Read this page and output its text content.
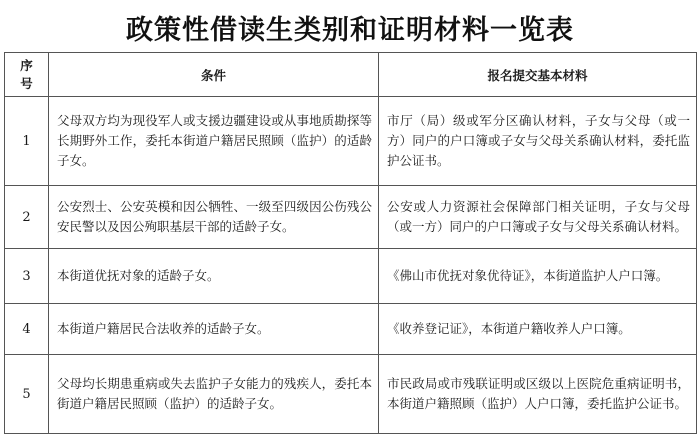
政策性借读生类别和证明材料一览表
序
号	条件	报名提交基本材料
1	父母双方均为现役军人或支援边疆建设或从事地质勘探等长期野外工作，委托本街道户籍居民照顾（监护）的适龄子女。	市厅（局）级或军分区确认材料，子女与父母（或一方）同户的户口簿或子女与父母关系确认材料，委托监护公证书。
2	公安烈士、公安英模和因公牺牲、一级至四级因公伤残公安民警以及因公殉职基层干部的适龄子女。	公安或人力资源社会保障部门相关证明，子女与父母（或一方）同户的户口簿或子女与父母关系确认材料。
3	本街道优抚对象的适龄子女。	《佛山市优抚对象优待证》，本街道监护人户口簿。
4	本街道户籍居民合法收养的适龄子女。	《收养登记证》，本街道户籍收养人户口簿。
5	父母均长期患重病或失去监护子女能力的残疾人，委托本街道户籍居民照顾（监护）的适龄子女。	市民政局或市残联证明或区级以上医院危重病证明书，本街道户籍照顾（监护）人户口簿，委托监护公证书。
